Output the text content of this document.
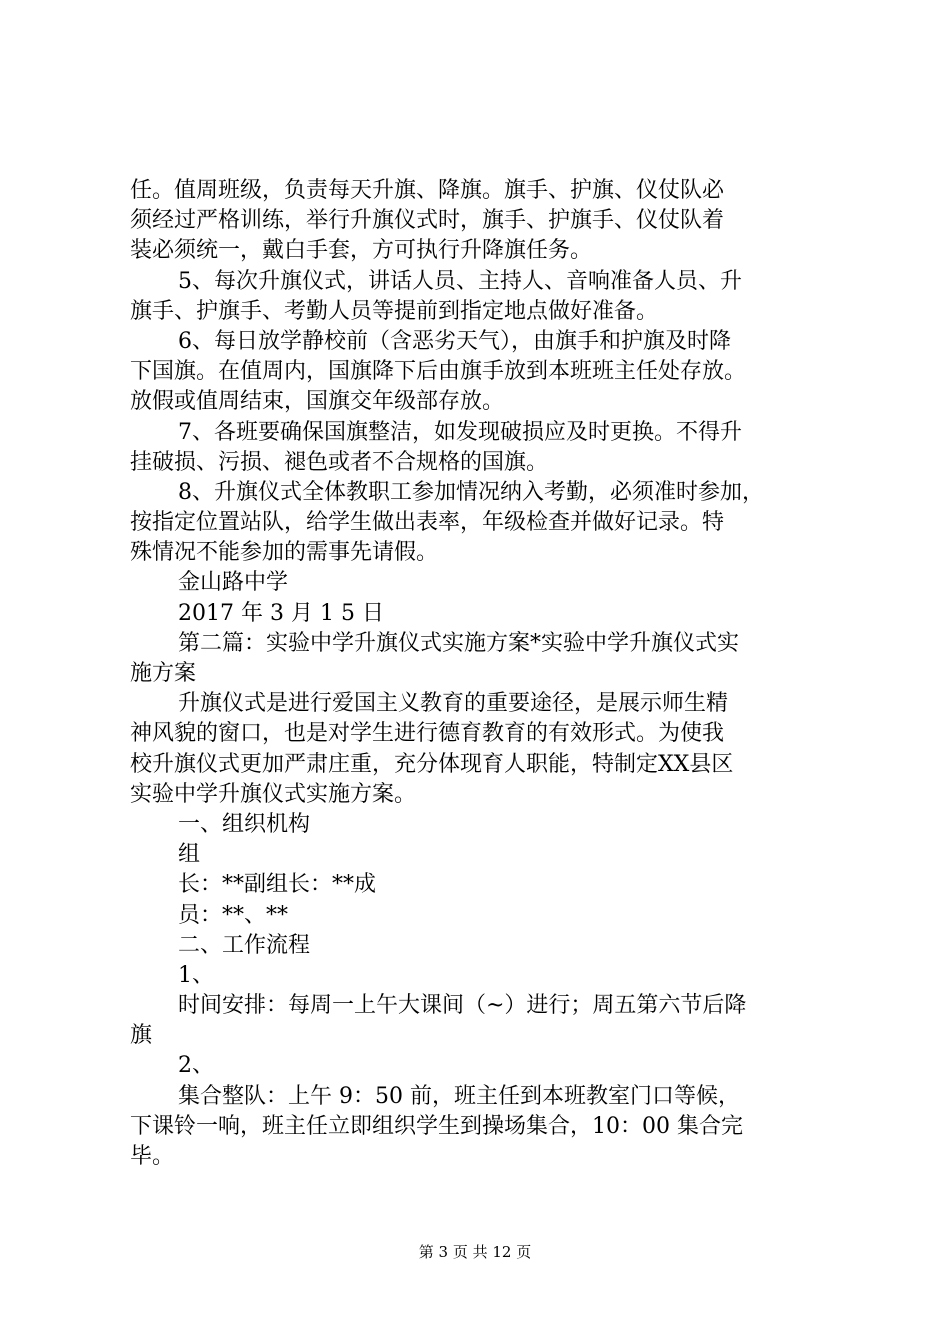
任。值周班级，负责每天升旗、降旗。旗手、护旗、仪仗队必
须经过严格训练，举行升旗仪式时，旗手、护旗手、仪仗队着
装必须统一，戴白手套，方可执行升降旗任务。
5、每次升旗仪式，讲话人员、主持人、音响准备人员、升
旗手、护旗手、考勤人员等提前到指定地点做好准备。
6、每日放学静校前（含恶劣天气），由旗手和护旗及时降
下国旗。在值周内，国旗降下后由旗手放到本班班主任处存放。
放假或值周结束，国旗交年级部存放。
7、各班要确保国旗整洁，如发现破损应及时更换。不得升
挂破损、污损、褪色或者不合规格的国旗。
8、升旗仪式全体教职工参加情况纳入考勤，必须准时参加，
按指定位置站队，给学生做出表率，年级检查并做好记录。特
殊情况不能参加的需事先请假。
金山路中学
2017 年 3 月 1 5 日
第二篇：实验中学升旗仪式实施方案*实验中学升旗仪式实
施方案
升旗仪式是进行爱国主义教育的重要途径，是展示师生精
神风貌的窗口，也是对学生进行德育教育的有效形式。为使我
校升旗仪式更加严肃庄重，充分体现育人职能，特制定XX县区
实验中学升旗仪式实施方案。
一、组织机构
组
长：**副组长：**成
员：**、**
二、工作流程
1、
时间安排：每周一上午大课间（~）进行；周五第六节后降
旗
2、
集合整队：上午 9：50 前，班主任到本班教室门口等候，
下课铃一响，班主任立即组织学生到操场集合，10：00 集合完
毕。
第 3 页 共 12 页
